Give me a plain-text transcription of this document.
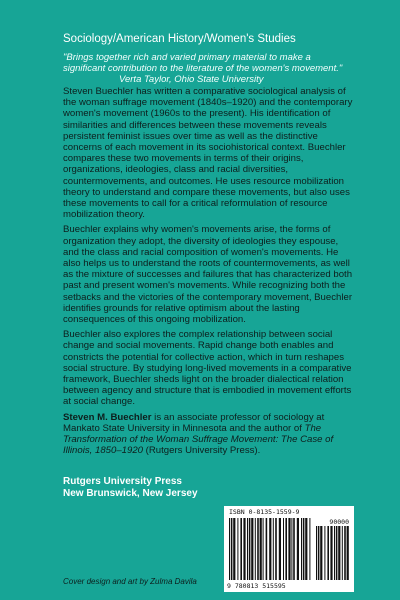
Sociology/American History/Women's Studies
"Brings together rich and varied primary material to make a significant contribution to the literature of the women's movement."
Verta Taylor, Ohio State University

Steven Buechler has written a comparative sociological analysis of the woman suffrage movement (1840s–1920) and the contemporary women's movement (1960s to the present). His identification of similarities and differences between these movements reveals persistent feminist issues over time as well as the distinctive concerns of each movement in its sociohistorical context. Buechler compares these two movements in terms of their origins, organizations, ideologies, class and racial diversities, countermovements, and outcomes. He uses resource mobilization theory to understand and compare these movements, but also uses these movements to call for a critical reformulation of resource mobilization theory.

Buechler explains why women's movements arise, the forms of organization they adopt, the diversity of ideologies they espouse, and the class and racial composition of women's movements. He also helps us to understand the roots of countermovements, as well as the mixture of successes and failures that has characterized both past and present women's movements. While recognizing both the setbacks and the victories of the contemporary movement, Buechler identifies grounds for relative optimism about the lasting consequences of this ongoing mobilization.

Buechler also explores the complex relationship between social change and social movements. Rapid change both enables and constricts the potential for collective action, which in turn reshapes social structure. By studying long-lived movements in a comparative framework, Buechler sheds light on the broader dialectical relation between agency and structure that is embodied in movement efforts at social change.

Steven M. Buechler is an associate professor of sociology at Mankato State University in Minnesota and the author of The Transformation of the Woman Suffrage Movement: The Case of Illinois, 1850–1920 (Rutgers University Press).

Rutgers University Press
New Brunswick, New Jersey
ISBN 0-8135-1559-9
90000
9 780813 515595
Cover design and art by Zulma Davila
